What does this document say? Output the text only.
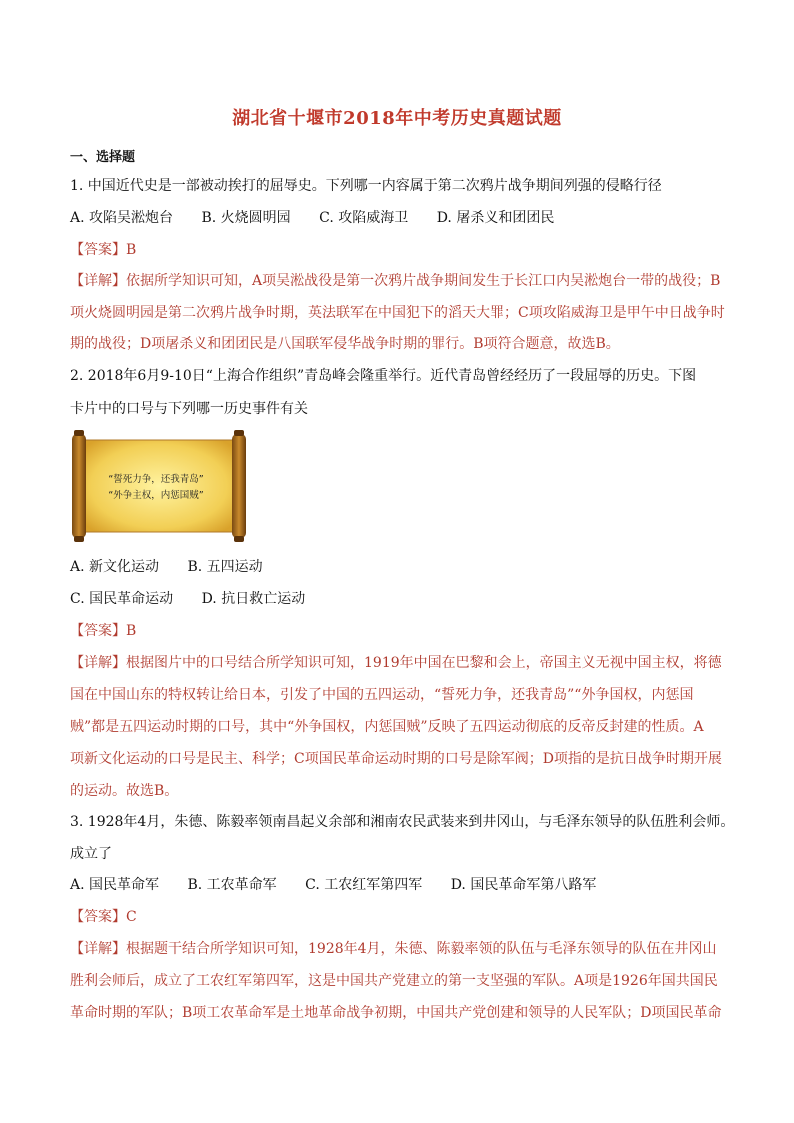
湖北省十堰市2018年中考历史真题试题
一、选择题
1. 中国近代史是一部被动挨打的屈辱史。下列哪一内容属于第二次鸦片战争期间列强的侵略行径
A. 攻陷吴淞炮台 B. 火烧圆明园 C. 攻陷威海卫 D. 屠杀义和团团民
【答案】B
【详解】依据所学知识可知，A项吴淞战役是第一次鸦片战争期间发生于长江口内吴淞炮台一带的战役；B
项火烧圆明园是第二次鸦片战争时期，英法联军在中国犯下的滔天大罪；C项攻陷威海卫是甲午中日战争时
期的战役；D项屠杀义和团团民是八国联军侵华战争时期的罪行。B项符合题意，故选B。
2. 2018年6月9-10日“上海合作组织”青岛峰会隆重举行。近代青岛曾经经历了一段屈辱的历史。下图
卡片中的口号与下列哪一历史事件有关
“誓死力争，还我青岛”
“外争主权，内惩国贼”
A. 新文化运动 B. 五四运动
C. 国民革命运动 D. 抗日救亡运动
【答案】B
【详解】根据图片中的口号结合所学知识可知，1919年中国在巴黎和会上，帝国主义无视中国主权，将德
国在中国山东的特权转让给日本，引发了中国的五四运动，“誓死力争，还我青岛”“外争国权，内惩国
贼”都是五四运动时期的口号，其中“外争国权，内惩国贼”反映了五四运动彻底的反帝反封建的性质。A
项新文化运动的口号是民主、科学；C项国民革命运动时期的口号是除军阀；D项指的是抗日战争时期开展
的运动。故选B。
3. 1928年4月，朱德、陈毅率领南昌起义余部和湘南农民武装来到井冈山，与毛泽东领导的队伍胜利会师。
成立了
A. 国民革命军 B. 工农革命军 C. 工农红军第四军 D. 国民革命军第八路军
【答案】C
【详解】根据题干结合所学知识可知，1928年4月，朱德、陈毅率领的队伍与毛泽东领导的队伍在井冈山
胜利会师后，成立了工农红军第四军，这是中国共产党建立的第一支坚强的军队。A项是1926年国共国民
革命时期的军队；B项工农革命军是土地革命战争初期，中国共产党创建和领导的人民军队；D项国民革命
